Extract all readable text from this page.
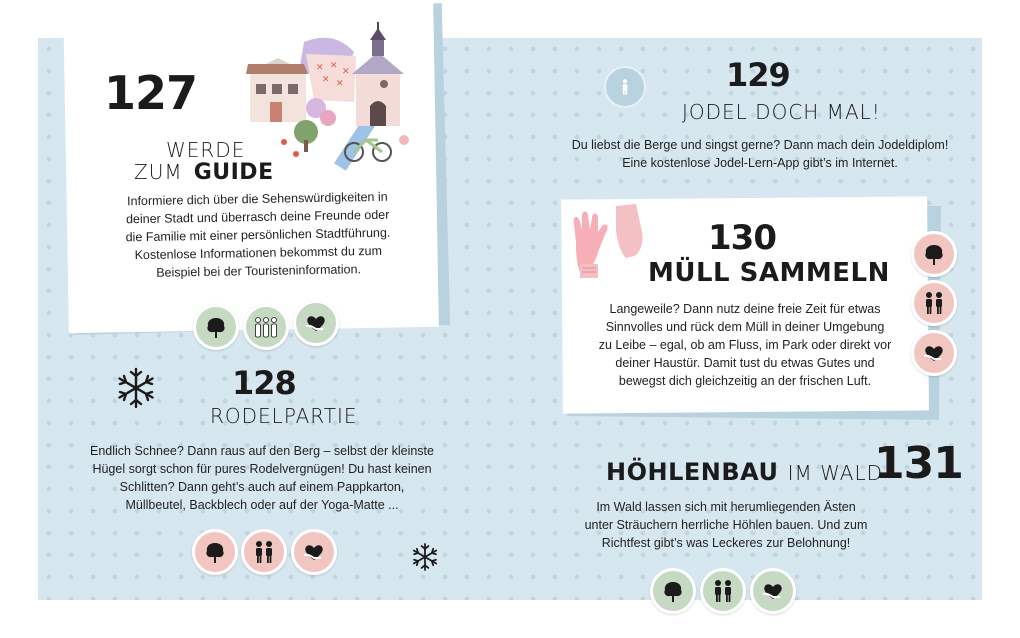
127	✕ ✕
✕
✕ ✕
WERDE
ZUM GUIDE
Informiere dich über die Sehenswürdigkeiten in
deiner Stadt und überrasch deine Freunde oder
die Familie mit einer persönlichen Stadtführung.
Kostenlose Informationen bekommst du zum
Beispiel bei der Touristeninformation.
128
RODELPARTIE
Endlich Schnee? Dann raus auf den Berg – selbst der kleinste
Hügel sorgt schon für pures Rodelvergnügen! Du hast keinen
Schlitten? Dann geht’s auch auf einem Pappkarton,
Müllbeutel, Backblech oder auf der Yoga-Matte ...
129
JODEL DOCH MAL!
Du liebst die Berge und singst gerne? Dann mach dein Jodeldiplom!
Eine kostenlose Jodel-Lern-App gibt’s im Internet.
130
MÜLL SAMMELN
Langeweile? Dann nutz deine freie Zeit für etwas
Sinnvolles und rück dem Müll in deiner Umgebung
zu Leibe – egal, ob am Fluss, im Park oder direkt vor
deiner Haustür. Damit tust du etwas Gutes und
bewegst dich gleichzeitig an der frischen Luft.
131
HÖHLENBAU IM WALD
Im Wald lassen sich mit herumliegenden Ästen
unter Sträuchern herrliche Höhlen bauen. Und zum
Richtfest gibt’s was Leckeres zur Belohnung!
